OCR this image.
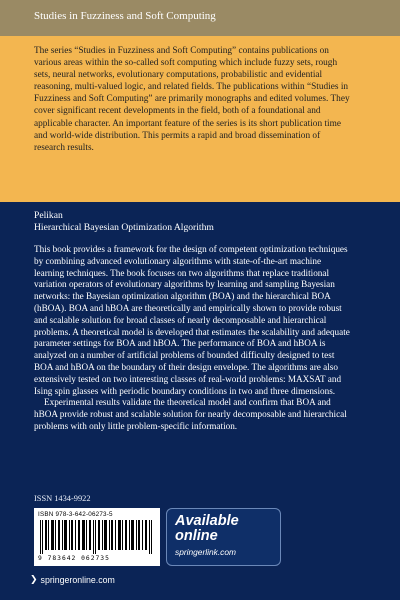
Studies in Fuzziness and Soft Computing

The series “Studies in Fuzziness and Soft Computing” contains publications on various areas within the so-called soft computing which include fuzzy sets, rough sets, neural networks, evolutionary computations, probabilistic and evidential reasoning, multi-valued logic, and related fields. The publications within “Studies in Fuzziness and Soft Computing” are primarily monographs and edited volumes. They cover significant recent developments in the field, both of a foundational and applicable character. An important feature of the series is its short publication time and world-wide distribution. This permits a rapid and broad dissemination of research results.

Pelikan

Hierarchical Bayesian Optimization Algorithm

This book provides a framework for the design of competent optimization techniques by combining advanced evolutionary algorithms with state-of-the-art machine learning techniques. The book focuses on two algorithms that replace traditional variation operators of evolutionary algorithms by learning and sampling Bayesian networks: the Bayesian optimization algorithm (BOA) and the hierarchical BOA (hBOA). BOA and hBOA are theoretically and empirically shown to provide robust and scalable solution for broad classes of nearly decomposable and hierarchical problems. A theoretical model is developed that estimates the scalability and adequate parameter settings for BOA and hBOA. The performance of BOA and hBOA is analyzed on a number of artificial problems of bounded difficulty designed to test BOA and hBOA on the boundary of their design envelope. The algorithms are also extensively tested on two interesting classes of real-world problems: MAXSAT and Ising spin glasses with periodic boundary conditions in two and three dimensions.

Experimental results validate the theoretical model and confirm that BOA and hBOA provide robust and scalable solution for nearly decomposable and hierarchical problems with only little problem-specific information.

ISSN 1434-9922
ISBN 978-3-642-06273-5
9 783642 062735
❯ springeronline.com
Available
online
springerlink.com
